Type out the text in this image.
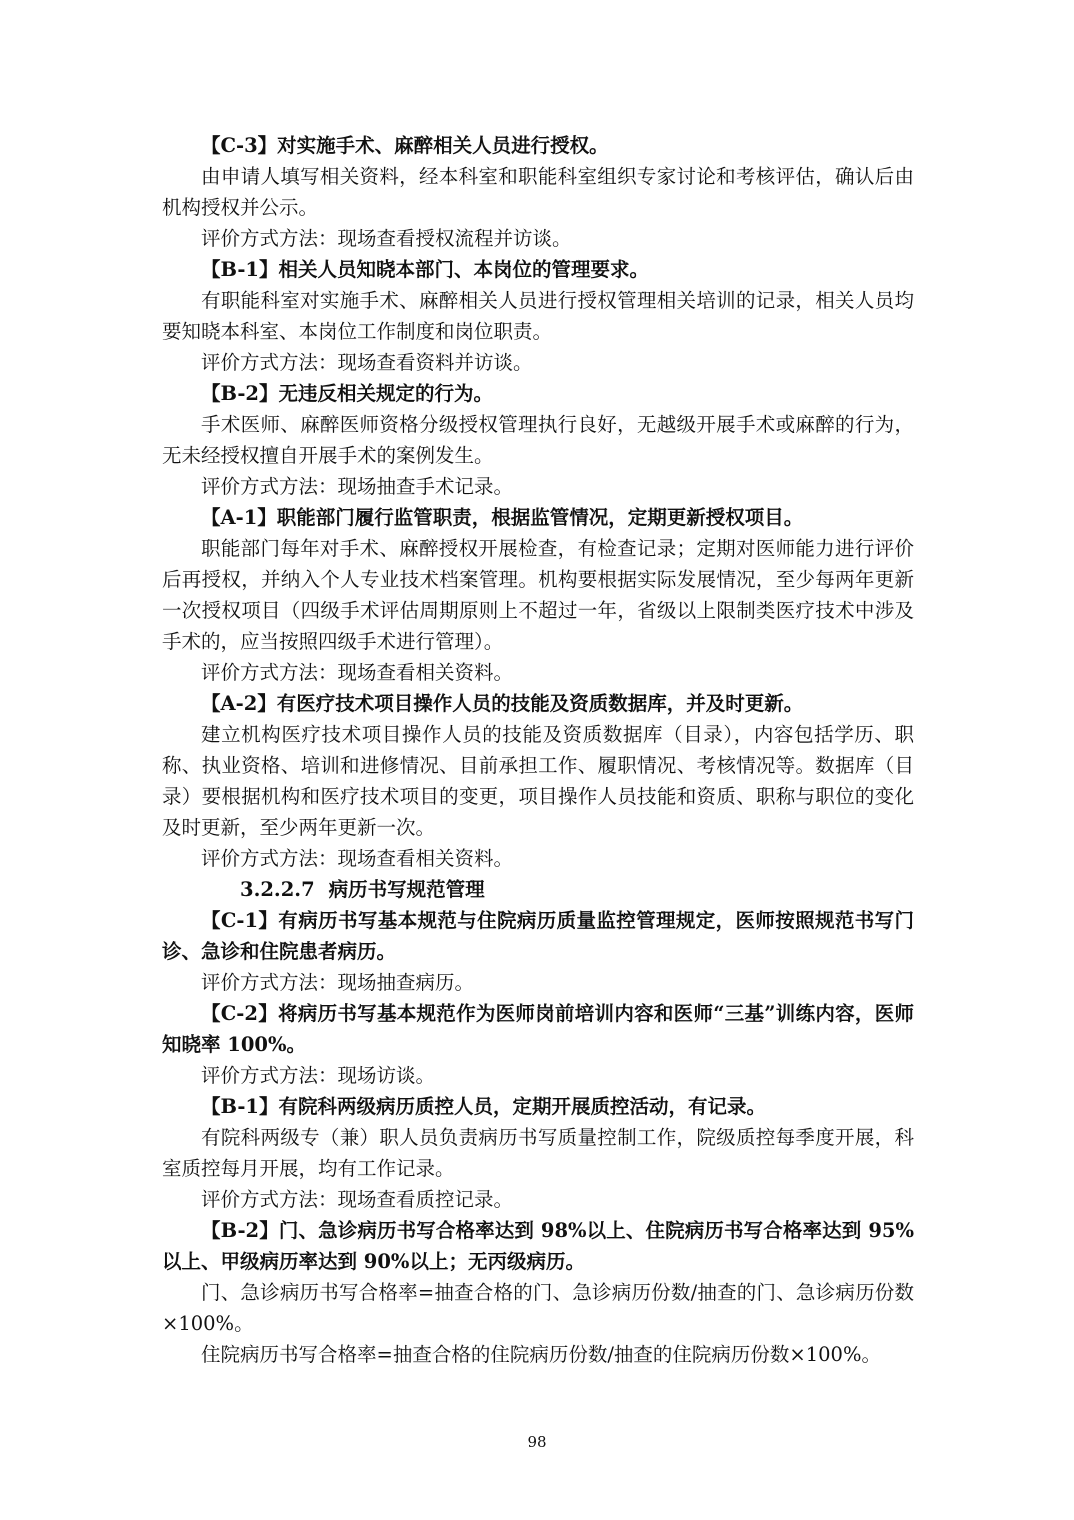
【C-3】对实施手术、麻醉相关人员进行授权。

由申请人填写相关资料，经本科室和职能科室组织专家讨论和考核评估，确认后由机构授权并公示。

评价方式方法：现场查看授权流程并访谈。

【B-1】相关人员知晓本部门、本岗位的管理要求。

有职能科室对实施手术、麻醉相关人员进行授权管理相关培训的记录，相关人员均要知晓本科室、本岗位工作制度和岗位职责。

评价方式方法：现场查看资料并访谈。

【B-2】无违反相关规定的行为。

手术医师、麻醉医师资格分级授权管理执行良好，无越级开展手术或麻醉的行为，无未经授权擅自开展手术的案例发生。

评价方式方法：现场抽查手术记录。

【A-1】职能部门履行监管职责，根据监管情况，定期更新授权项目。

职能部门每年对手术、麻醉授权开展检查，有检查记录；定期对医师能力进行评价后再授权，并纳入个人专业技术档案管理。机构要根据实际发展情况，至少每两年更新一次授权项目（四级手术评估周期原则上不超过一年，省级以上限制类医疗技术中涉及手术的，应当按照四级手术进行管理）。

评价方式方法：现场查看相关资料。

【A-2】有医疗技术项目操作人员的技能及资质数据库，并及时更新。

建立机构医疗技术项目操作人员的技能及资质数据库（目录），内容包括学历、职称、执业资格、培训和进修情况、目前承担工作、履职情况、考核情况等。数据库（目录）要根据机构和医疗技术项目的变更，项目操作人员技能和资质、职称与职位的变化及时更新，至少两年更新一次。

评价方式方法：现场查看相关资料。

3.2.2.7 病历书写规范管理

【C-1】有病历书写基本规范与住院病历质量监控管理规定，医师按照规范书写门诊、急诊和住院患者病历。

评价方式方法：现场抽查病历。

【C-2】将病历书写基本规范作为医师岗前培训内容和医师“三基”训练内容，医师知晓率 100%。

评价方式方法：现场访谈。

【B-1】有院科两级病历质控人员，定期开展质控活动，有记录。

有院科两级专（兼）职人员负责病历书写质量控制工作，院级质控每季度开展，科室质控每月开展，均有工作记录。

评价方式方法：现场查看质控记录。

【B-2】门、急诊病历书写合格率达到 98%以上、住院病历书写合格率达到 95%以上、甲级病历率达到 90%以上；无丙级病历。

门、急诊病历书写合格率=抽查合格的门、急诊病历份数/抽查的门、急诊病历份数×100%。

住院病历书写合格率=抽查合格的住院病历份数/抽查的住院病历份数×100%。

98
